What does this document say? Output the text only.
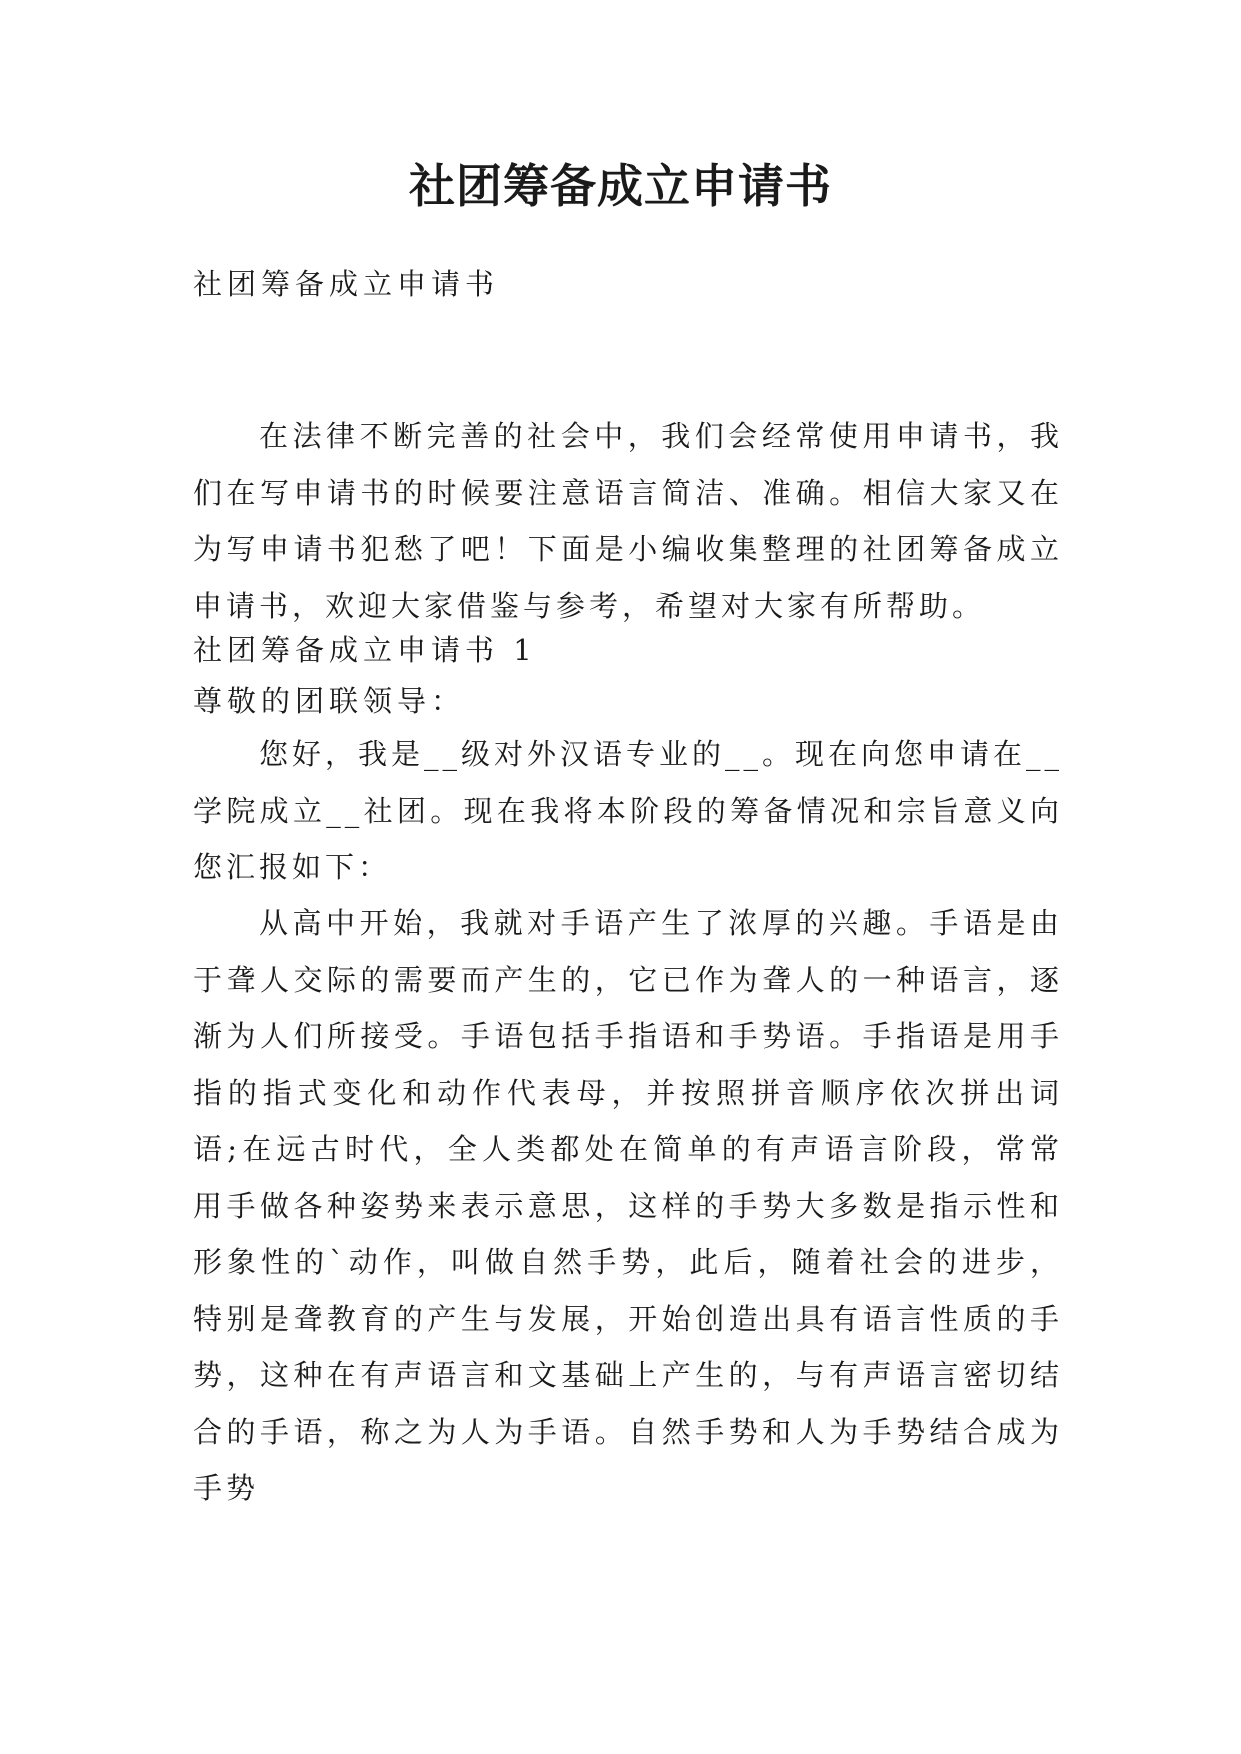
社团筹备成立申请书

社团筹备成立申请书

在法律不断完善的社会中，我们会经常使用申请书，我们在写申请书的时候要注意语言简洁、准确。相信大家又在为写申请书犯愁了吧！下面是小编收集整理的社团筹备成立申请书，欢迎大家借鉴与参考，希望对大家有所帮助。

社团筹备成立申请书 1

尊敬的团联领导：

您好，我是__级对外汉语专业的__。现在向您申请在__学院成立__社团。现在我将本阶段的筹备情况和宗旨意义向您汇报如下：

从高中开始，我就对手语产生了浓厚的兴趣。手语是由于聋人交际的需要而产生的，它已作为聋人的一种语言，逐渐为人们所接受。手语包括手指语和手势语。手指语是用手指的指式变化和动作代表母，并按照拼音顺序依次拼出词语;在远古时代，全人类都处在简单的有声语言阶段，常常用手做各种姿势来表示意思，这样的手势大多数是指示性和形象性的`动作，叫做自然手势，此后，随着社会的进步，特别是聋教育的产生与发展，开始创造出具有语言性质的手势，这种在有声语言和文基础上产生的，与有声语言密切结合的手语，称之为人为手语。自然手势和人为手势结合成为手势
